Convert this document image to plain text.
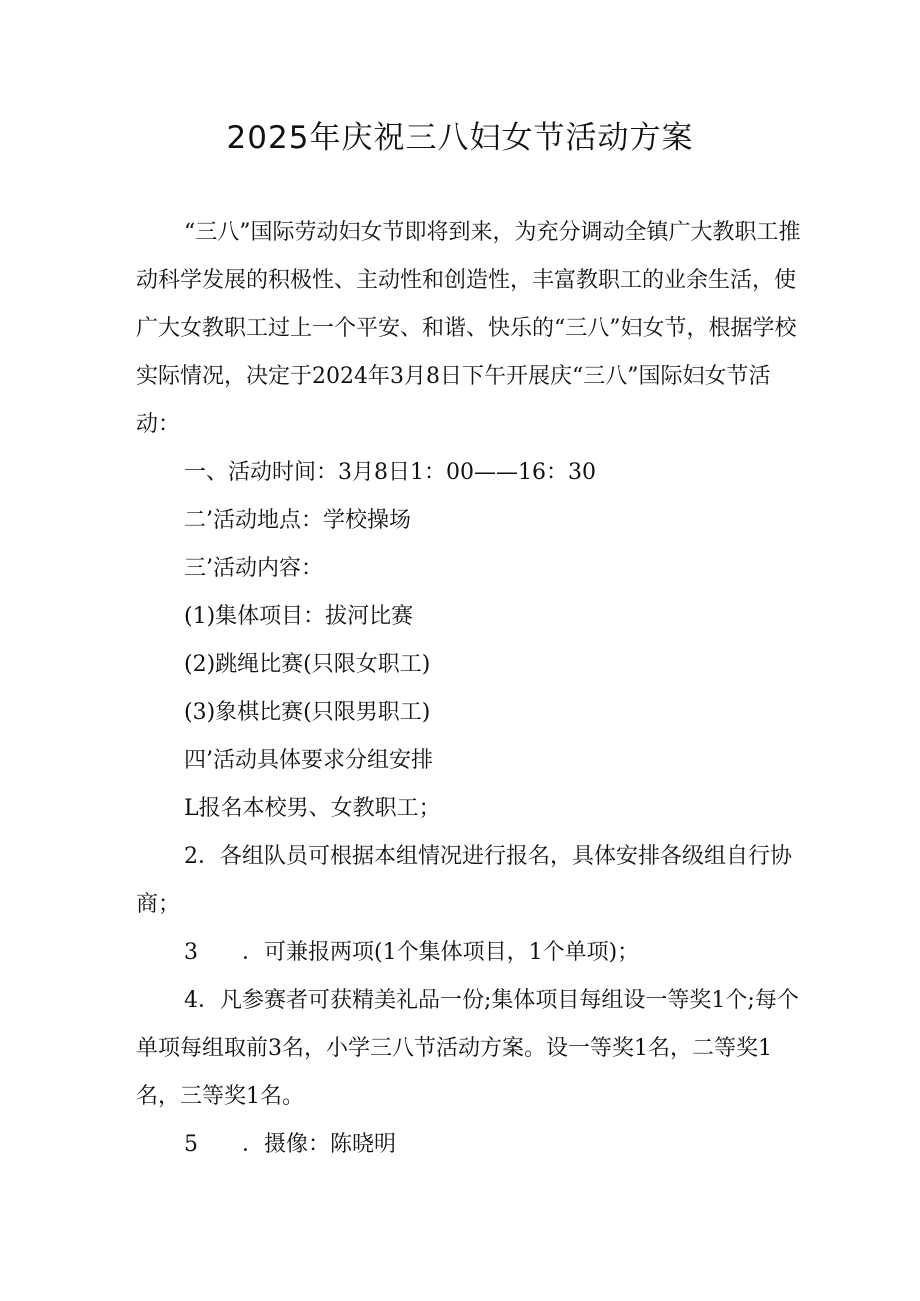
2025年庆祝三八妇女节活动方案

“三八”国际劳动妇女节即将到来，为充分调动全镇广大教职工推动科学发展的积极性、主动性和创造性，丰富教职工的业余生活，使广大女教职工过上一个平安、和谐、快乐的“三八”妇女节，根据学校实际情况，决定于2024年3月8日下午开展庆“三八”国际妇女节活动：

一、活动时间：3月8日1：00——16：30

二’活动地点：学校操场

三’活动内容：

(1)集体项目：拔河比赛

(2)跳绳比赛(只限女职工)

(3)象棋比赛(只限男职工)

四’活动具体要求分组安排

L报名本校男、女教职工；

2．各组队员可根据本组情况进行报名，具体安排各级组自行协商；

3 ．可兼报两项(1个集体项目，1个单项)；

4．凡参赛者可获精美礼品一份;集体项目每组设一等奖1个;每个单项每组取前3名，小学三八节活动方案。设一等奖1名，二等奖1名，三等奖1名。

5 ．摄像：陈晓明
